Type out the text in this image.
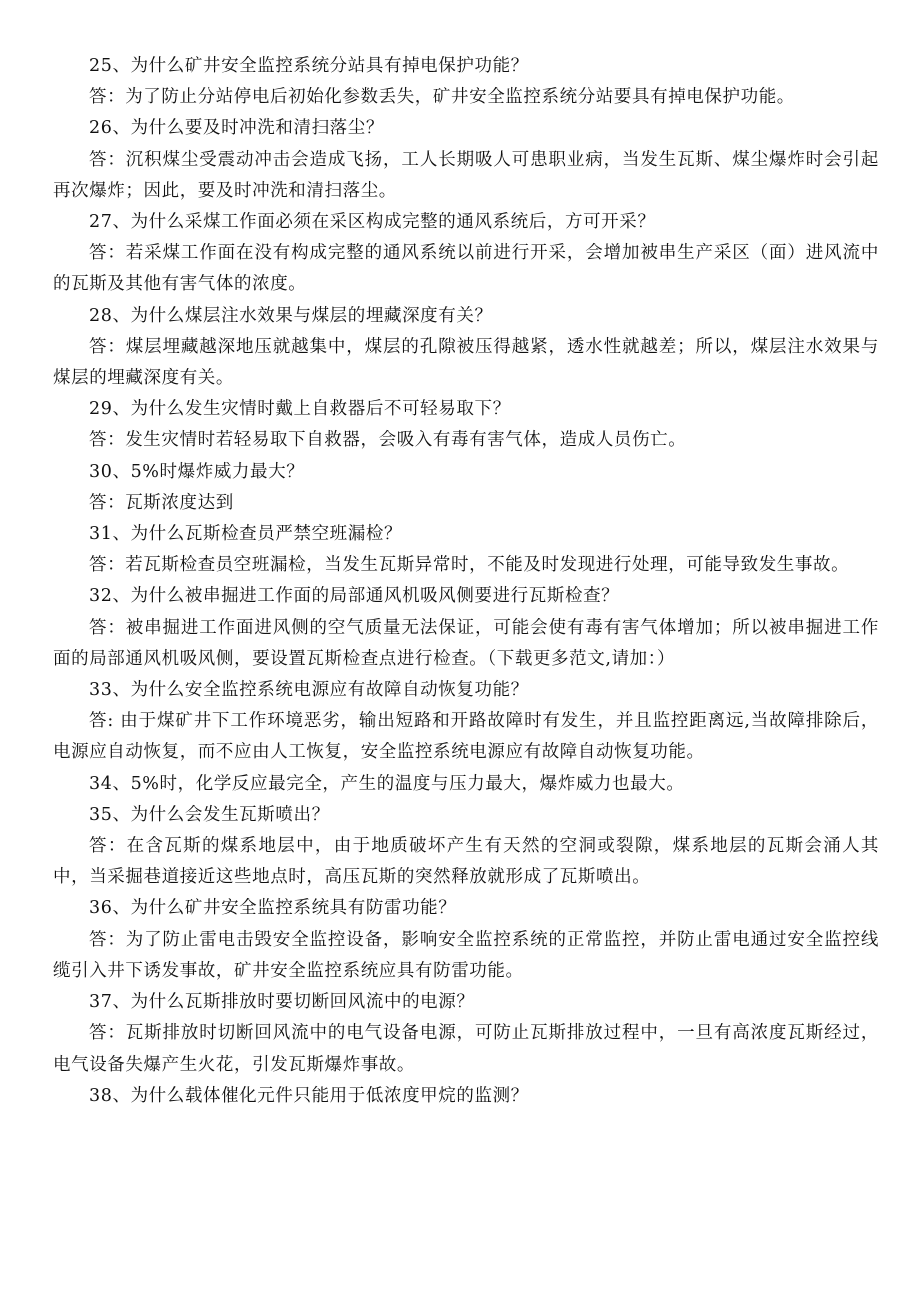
25、为什么矿井安全监控系统分站具有掉电保护功能？

答：为了防止分站停电后初始化参数丢失，矿井安全监控系统分站要具有掉电保护功能。

26、为什么要及时冲洗和清扫落尘？

答：沉积煤尘受震动冲击会造成飞扬，工人长期吸人可患职业病，当发生瓦斯、煤尘爆炸时会引起再次爆炸；因此，要及时冲洗和清扫落尘。

27、为什么采煤工作面必须在采区构成完整的通风系统后，方可开采？

答：若采煤工作面在没有构成完整的通风系统以前进行开采，会增加被串生产采区（面）进风流中的瓦斯及其他有害气体的浓度。

28、为什么煤层注水效果与煤层的埋藏深度有关？

答：煤层埋藏越深地压就越集中，煤层的孔隙被压得越紧，透水性就越差；所以，煤层注水效果与煤层的埋藏深度有关。

29、为什么发生灾情时戴上自救器后不可轻易取下？

答：发生灾情时若轻易取下自救器，会吸入有毒有害气体，造成人员伤亡。

30、5%时爆炸威力最大？

答：瓦斯浓度达到

31、为什么瓦斯检查员严禁空班漏检？

答：若瓦斯检查员空班漏检，当发生瓦斯异常时，不能及时发现进行处理，可能导致发生事故。

32、为什么被串掘进工作面的局部通风机吸风侧要进行瓦斯检查？

答：被串掘进工作面进风侧的空气质量无法保证，可能会使有毒有害气体增加；所以被串掘进工作面的局部通风机吸风侧，要设置瓦斯检查点进行检查。（下载更多范文,请加：）

33、为什么安全监控系统电源应有故障自动恢复功能？

答: 由于煤矿井下工作环境恶劣，输出短路和开路故障时有发生，并且监控距离远,当故障排除后，电源应自动恢复，而不应由人工恢复，安全监控系统电源应有故障自动恢复功能。

34、5%时，化学反应最完全，产生的温度与压力最大，爆炸威力也最大。

35、为什么会发生瓦斯喷出？

答：在含瓦斯的煤系地层中，由于地质破坏产生有天然的空洞或裂隙，煤系地层的瓦斯会涌人其中，当采掘巷道接近这些地点时，高压瓦斯的突然释放就形成了瓦斯喷出。

36、为什么矿井安全监控系统具有防雷功能？

答：为了防止雷电击毁安全监控设备，影响安全监控系统的正常监控，并防止雷电通过安全监控线缆引入井下诱发事故，矿井安全监控系统应具有防雷功能。

37、为什么瓦斯排放时要切断回风流中的电源？

答：瓦斯排放时切断回风流中的电气设备电源，可防止瓦斯排放过程中，一旦有高浓度瓦斯经过，电气设备失爆产生火花，引发瓦斯爆炸事故。

38、为什么载体催化元件只能用于低浓度甲烷的监测？
